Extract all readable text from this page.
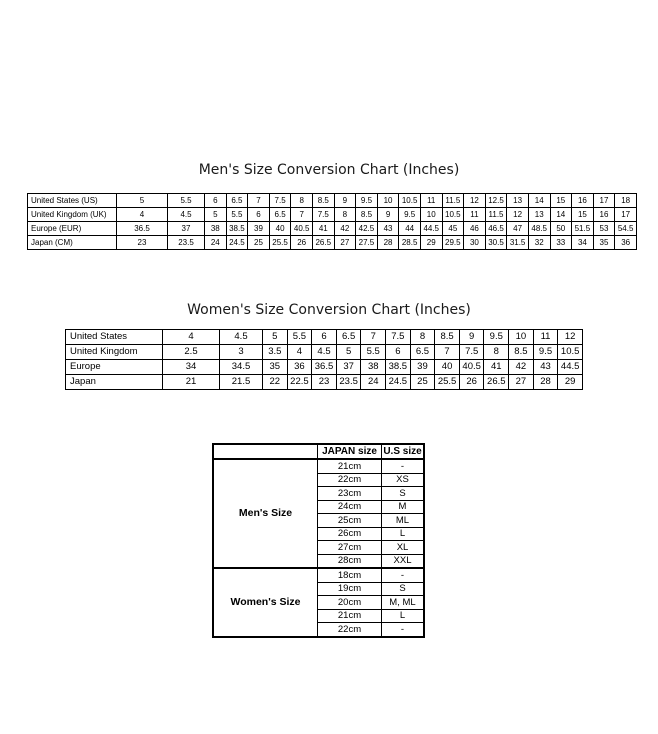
Men's Size Conversion Chart (Inches)
United States (US)	5	5.5	6	6.5	7	7.5	8	8.5	9	9.5	10	10.5	11	11.5	12	12.5	13	14	15	16	17	18
United Kingdom (UK)	4	4.5	5	5.5	6	6.5	7	7.5	8	8.5	9	9.5	10	10.5	11	11.5	12	13	14	15	16	17
Europe (EUR)	36.5	37	38	38.5	39	40	40.5	41	42	42.5	43	44	44.5	45	46	46.5	47	48.5	50	51.5	53	54.5
Japan (CM)	23	23.5	24	24.5	25	25.5	26	26.5	27	27.5	28	28.5	29	29.5	30	30.5	31.5	32	33	34	35	36
Women's Size Conversion Chart (Inches)
United States	4	4.5	5	5.5	6	6.5	7	7.5	8	8.5	9	9.5	10	11	12
United Kingdom	2.5	3	3.5	4	4.5	5	5.5	6	6.5	7	7.5	8	8.5	9.5	10.5
Europe	34	34.5	35	36	36.5	37	38	38.5	39	40	40.5	41	42	43	44.5
Japan	21	21.5	22	22.5	23	23.5	24	24.5	25	25.5	26	26.5	27	28	29
	JAPAN size	U.S size
Men's Size	21cm	-
	22cm	XS
	23cm	S
	24cm	M
	25cm	ML
	26cm	L
	27cm	XL
	28cm	XXL
Women's Size	18cm	-
	19cm	S
	20cm	M, ML
	21cm	L
	22cm	-
